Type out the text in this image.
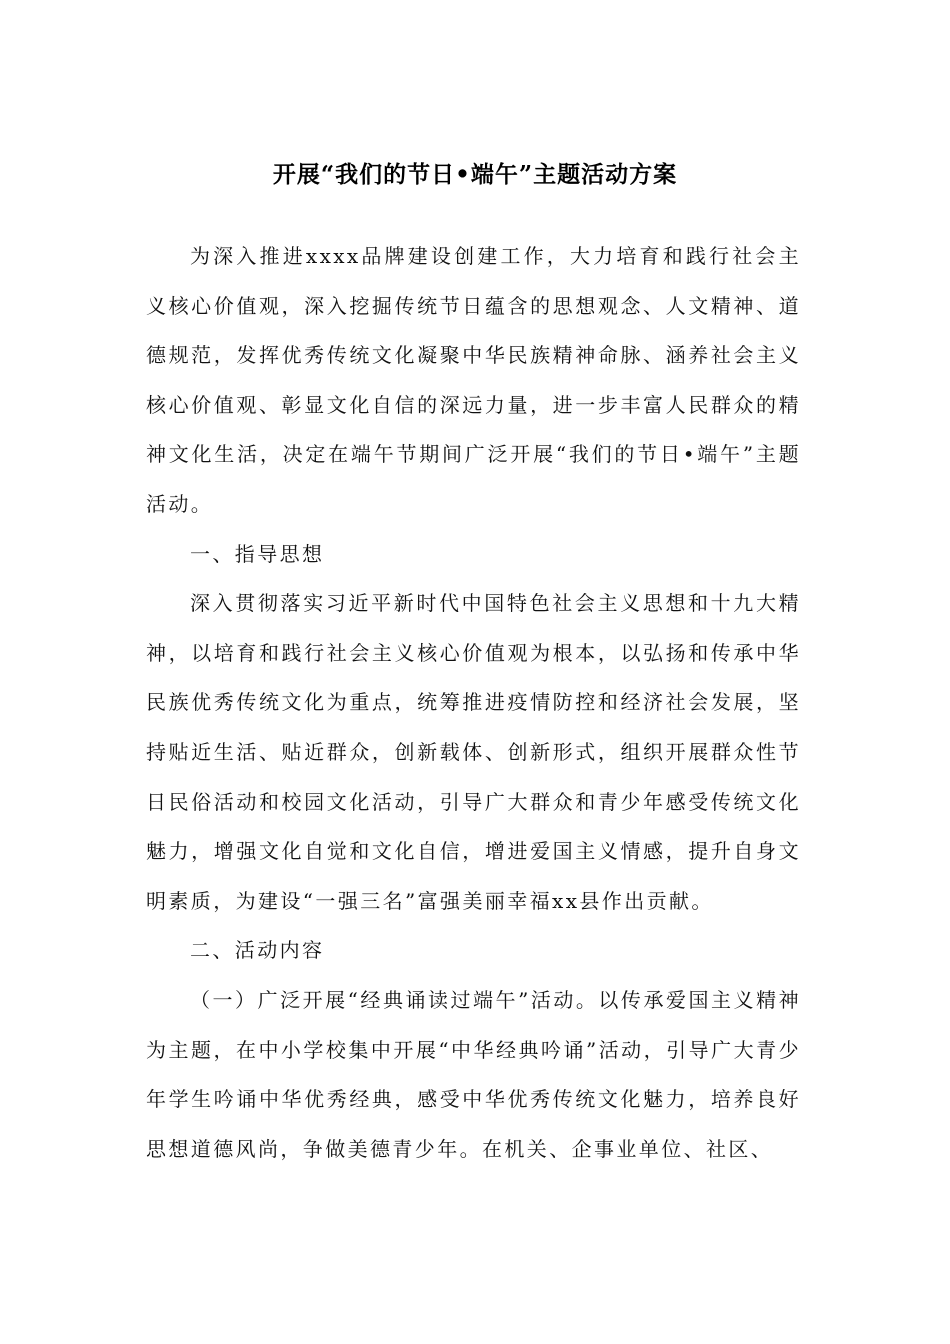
开展“我们的节日•端午”主题活动方案

为深入推进xxxx品牌建设创建工作，大力培育和践行社会主义核心价值观，深入挖掘传统节日蕴含的思想观念、人文精神、道德规范，发挥优秀传统文化凝聚中华民族精神命脉、涵养社会主义核心价值观、彰显文化自信的深远力量，进一步丰富人民群众的精神文化生活，决定在端午节期间广泛开展“我们的节日•端午”主题活动。

一、指导思想

深入贯彻落实习近平新时代中国特色社会主义思想和十九大精神，以培育和践行社会主义核心价值观为根本，以弘扬和传承中华民族优秀传统文化为重点，统筹推进疫情防控和经济社会发展，坚持贴近生活、贴近群众，创新载体、创新形式，组织开展群众性节日民俗活动和校园文化活动，引导广大群众和青少年感受传统文化魅力，增强文化自觉和文化自信，增进爱国主义情感，提升自身文明素质，为建设“一强三名”富强美丽幸福xx县作出贡献。

二、活动内容

（一）广泛开展“经典诵读过端午”活动。以传承爱国主义精神为主题，在中小学校集中开展“中华经典吟诵”活动，引导广大青少年学生吟诵中华优秀经典，感受中华优秀传统文化魅力，培养良好思想道德风尚，争做美德青少年。在机关、企事业单位、社区、
